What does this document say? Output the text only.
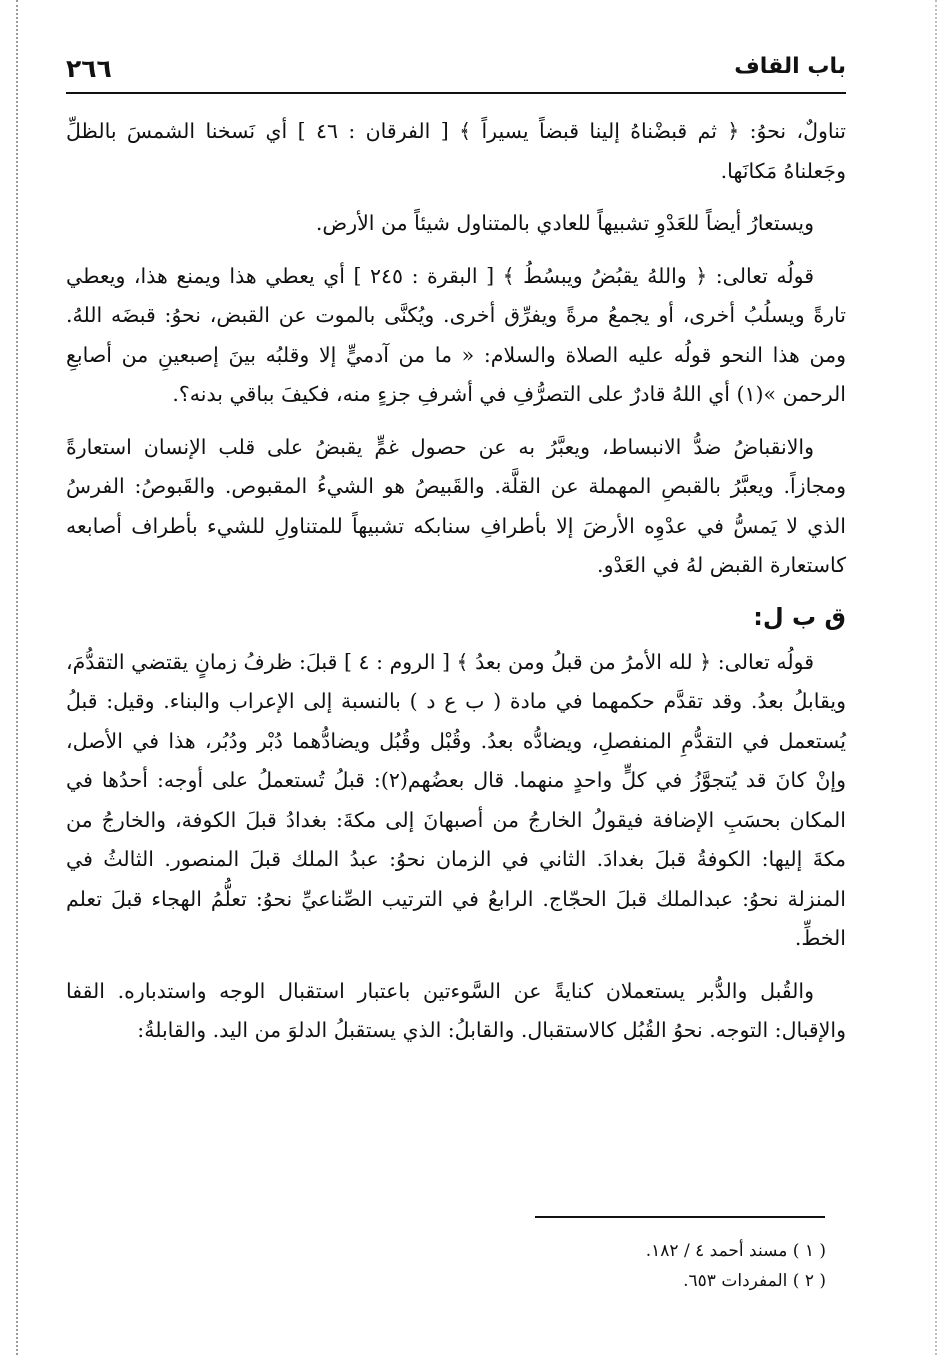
٢٦٦	باب القاف

تناولٌ، نحوُ: ﴿ ثم قبضْناهُ إلينا قبضاً يسيراً ﴾ [ الفرقان : ٤٦ ] أي نَسخنا الشمسَ بالظلِّ وجَعلناهُ مَكانَها.

ويستعارُ أيضاً للعَدْوِ تشبيهاً للعادي بالمتناول شيئاً من الأرض.

قولُه تعالى: ﴿ واللهُ يقبُضُ ويبسُطُ ﴾ [ البقرة : ٢٤٥ ] أي يعطي هذا ويمنع هذا، ويعطي تارةً ويسلُبُ أخرى، أو يجمعُ مرةً ويفرِّق أخرى. ويُكنَّى بالموت عن القبض، نحوُ: قبضَه اللهُ. ومن هذا النحو قولُه عليه الصلاة والسلام: « ما من آدميٍّ إلا وقلبُه بينَ إصبعينِ من أصابعِ الرحمن »(١) أي اللهُ قادرٌ على التصرُّفِ في أشرفِ جزءٍ منه، فكيفَ بباقي بدنه؟.

والانقباضُ ضدُّ الانبساط، ويعبَّرُ به عن حصول غمٍّ يقبضُ على قلب الإنسان استعارةً ومجازاً. ويعبَّرُ بالقبصِ المهملة عن القلَّة. والقَبيصُ هو الشيءُ المقبوص. والقَبوصُ: الفرسُ الذي لا يَمسُّ في عدْوِه الأرضَ إلا بأطرافِ سنابكه تشبيهاً للمتناولِ للشيء بأطراف أصابعه كاستعارة القبض لهُ في العَدْو.

ق ب ل:

قولُه تعالى: ﴿ لله الأمرُ من قبلُ ومن بعدُ ﴾ [ الروم : ٤ ] قبلَ: ظرفُ زمانٍ يقتضي التقدُّمَ، ويقابلُ بعدُ. وقد تقدَّم حكمهما في مادة ( ب ع د ) بالنسبة إلى الإعراب والبناء. وقيل: قبلُ يُستعمل في التقدُّمِ المنفصلِ، ويضادُّه بعدُ. وقُبْل وقُبُل ويضادُّهما دُبْر ودُبُر، هذا في الأصل، وإنْ كانَ قد يُتجوَّزُ في كلٍّ واحدٍ منهما. قال بعضُهم(٢): قبلُ تُستعملُ على أوجه: أحدُها في المكان بحسَبِ الإضافة فيقولُ الخارجُ من أصبهانَ إلى مكةَ: بغدادُ قبلَ الكوفة، والخارجُ من مكةَ إليها: الكوفةُ قبلَ بغدادَ. الثاني في الزمان نحوُ: عبدُ الملك قبلَ المنصور. الثالثُ في المنزلة نحوُ: عبدالملك قبلَ الحجّاج. الرابعُ في الترتيب الصِّناعيِّ نحوُ: تعلُّمُ الهجاء قبلَ تعلم الخطِّ.

والقُبل والدُّبر يستعملان كنايةً عن السَّوءتين باعتبار استقبال الوجه واستدباره. القفا والإقبال: التوجه. نحوُ القُبُل كالاستقبال. والقابلُ: الذي يستقبلُ الدلوَ من اليد. والقابلةُ:

( ١ ) مسند أحمد ٤ / ١٨٢.

( ٢ ) المفردات ٦٥٣.
